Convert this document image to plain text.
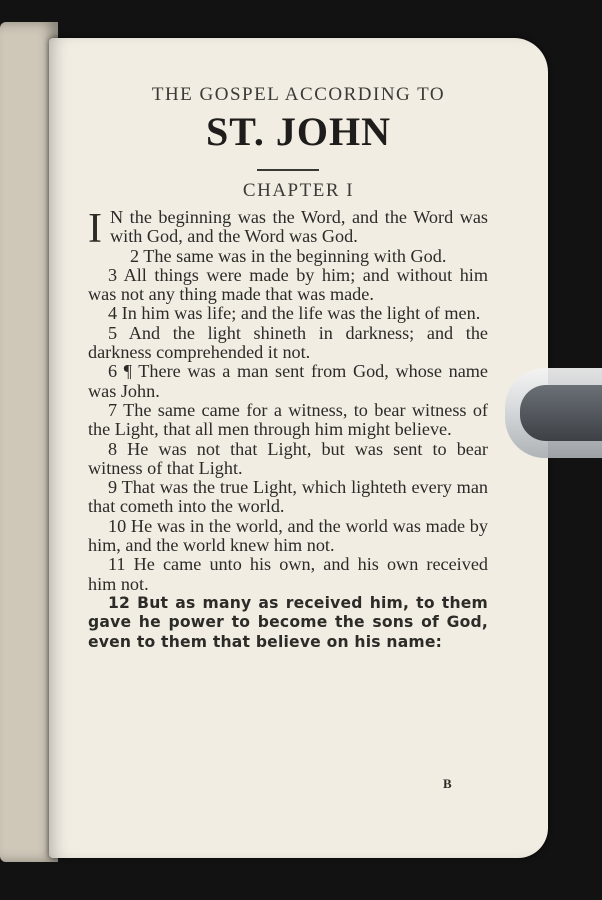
THE GOSPEL ACCORDING TO
ST. JOHN
CHAPTER I

I N the beginning was the Word, and the Word was with God, and the Word was God.

2 The same was in the beginning with God.

3 All things were made by him; and without him was not any thing made that was made.

4 In him was life; and the life was the light of men.

5 And the light shineth in darkness; and the darkness comprehended it not.

6 ¶ There was a man sent from God, whose name was John.

7 The same came for a witness, to bear witness of the Light, that all men through him might believe.

8 He was not that Light, but was sent to bear witness of that Light.

9 That was the true Light, which lighteth every man that cometh into the world.

10 He was in the world, and the world was made by him, and the world knew him not.

11 He came unto his own, and his own received him not.

12 But as many as received him, to them gave he power to become the sons of God, even to them that believe on his name:

B
